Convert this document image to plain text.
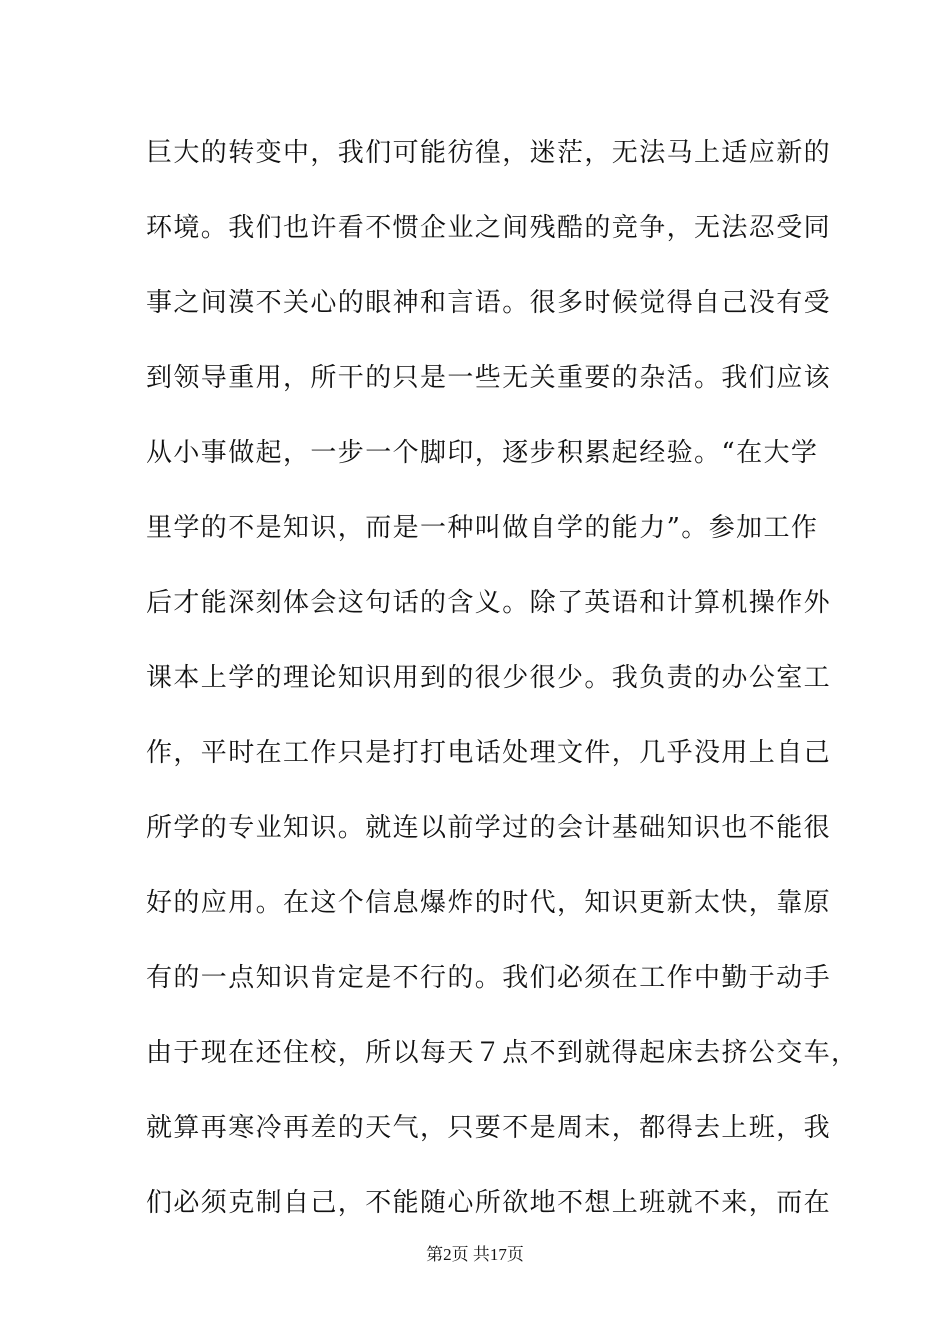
巨大的转变中，我们可能彷徨，迷茫，无法马上适应新的
环境。我们也许看不惯企业之间残酷的竞争，无法忍受同
事之间漠不关心的眼神和言语。很多时候觉得自己没有受
到领导重用，所干的只是一些无关重要的杂活。我们应该
从小事做起，一步一个脚印，逐步积累起经验。“在大学
里学的不是知识，而是一种叫做自学的能力”。参加工作
后才能深刻体会这句话的含义。除了英语和计算机操作外
课本上学的理论知识用到的很少很少。我负责的办公室工
作，平时在工作只是打打电话处理文件，几乎没用上自己
所学的专业知识。就连以前学过的会计基础知识也不能很
好的应用。在这个信息爆炸的时代，知识更新太快，靠原
有的一点知识肯定是不行的。我们必须在工作中勤于动手
由于现在还住校，所以每天７点不到就得起床去挤公交车，
就算再寒冷再差的天气，只要不是周末，都得去上班，我
们必须克制自己，不能随心所欲地不想上班就不来，而在
第2页 共17页
